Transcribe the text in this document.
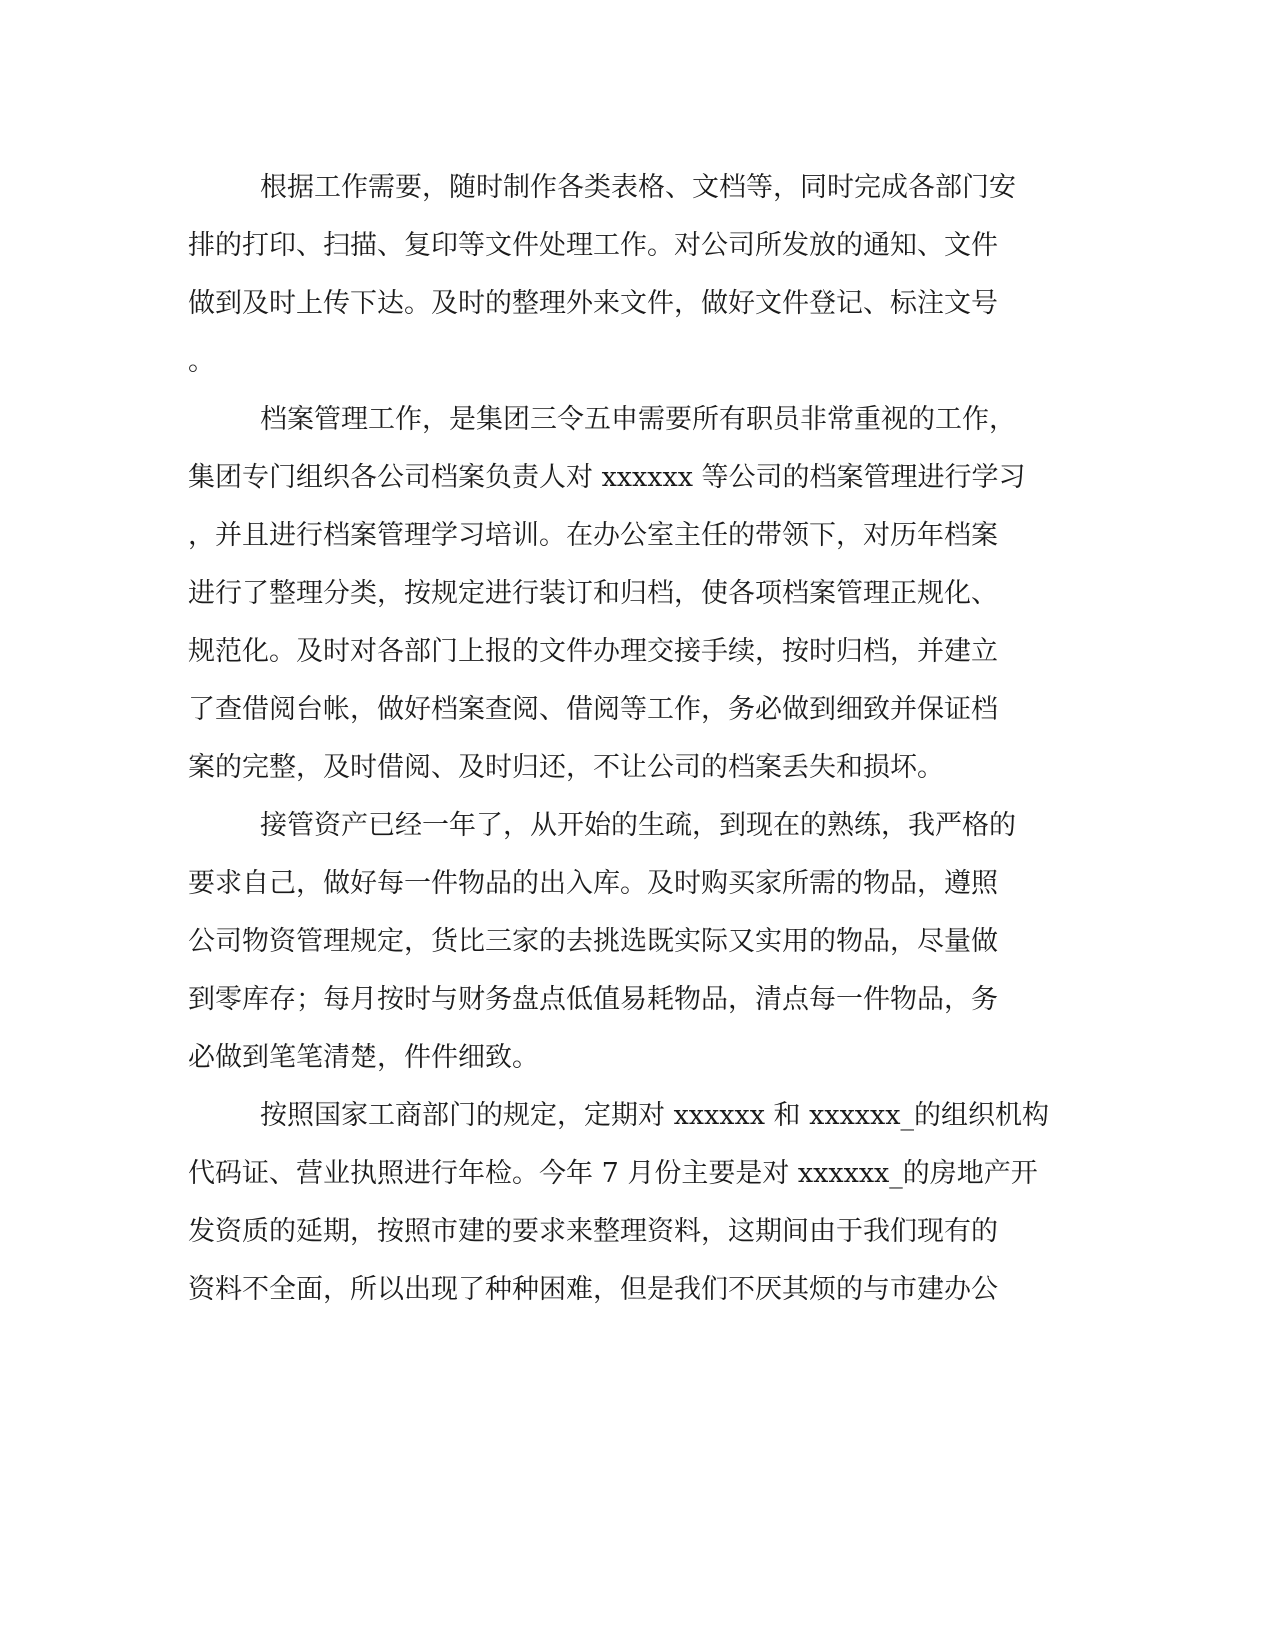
根据工作需要，随时制作各类表格、文档等，同时完成各部门安
排的打印、扫描、复印等文件处理工作。对公司所发放的通知、文件
做到及时上传下达。及时的整理外来文件，做好文件登记、标注文号
。
档案管理工作，是集团三令五申需要所有职员非常重视的工作，
集团专门组织各公司档案负责人对 xxxxxx 等公司的档案管理进行学习
，并且进行档案管理学习培训。在办公室主任的带领下，对历年档案
进行了整理分类，按规定进行装订和归档，使各项档案管理正规化、
规范化。及时对各部门上报的文件办理交接手续，按时归档，并建立
了查借阅台帐，做好档案查阅、借阅等工作，务必做到细致并保证档
案的完整，及时借阅、及时归还，不让公司的档案丢失和损坏。
接管资产已经一年了，从开始的生疏，到现在的熟练，我严格的
要求自己，做好每一件物品的出入库。及时购买家所需的物品，遵照
公司物资管理规定，货比三家的去挑选既实际又实用的物品，尽量做
到零库存；每月按时与财务盘点低值易耗物品，清点每一件物品，务
必做到笔笔清楚，件件细致。
按照国家工商部门的规定，定期对 xxxxxx 和 xxxxxx_的组织机构
代码证、营业执照进行年检。今年 7 月份主要是对 xxxxxx_的房地产开
发资质的延期，按照市建的要求来整理资料，这期间由于我们现有的
资料不全面，所以出现了种种困难，但是我们不厌其烦的与市建办公
